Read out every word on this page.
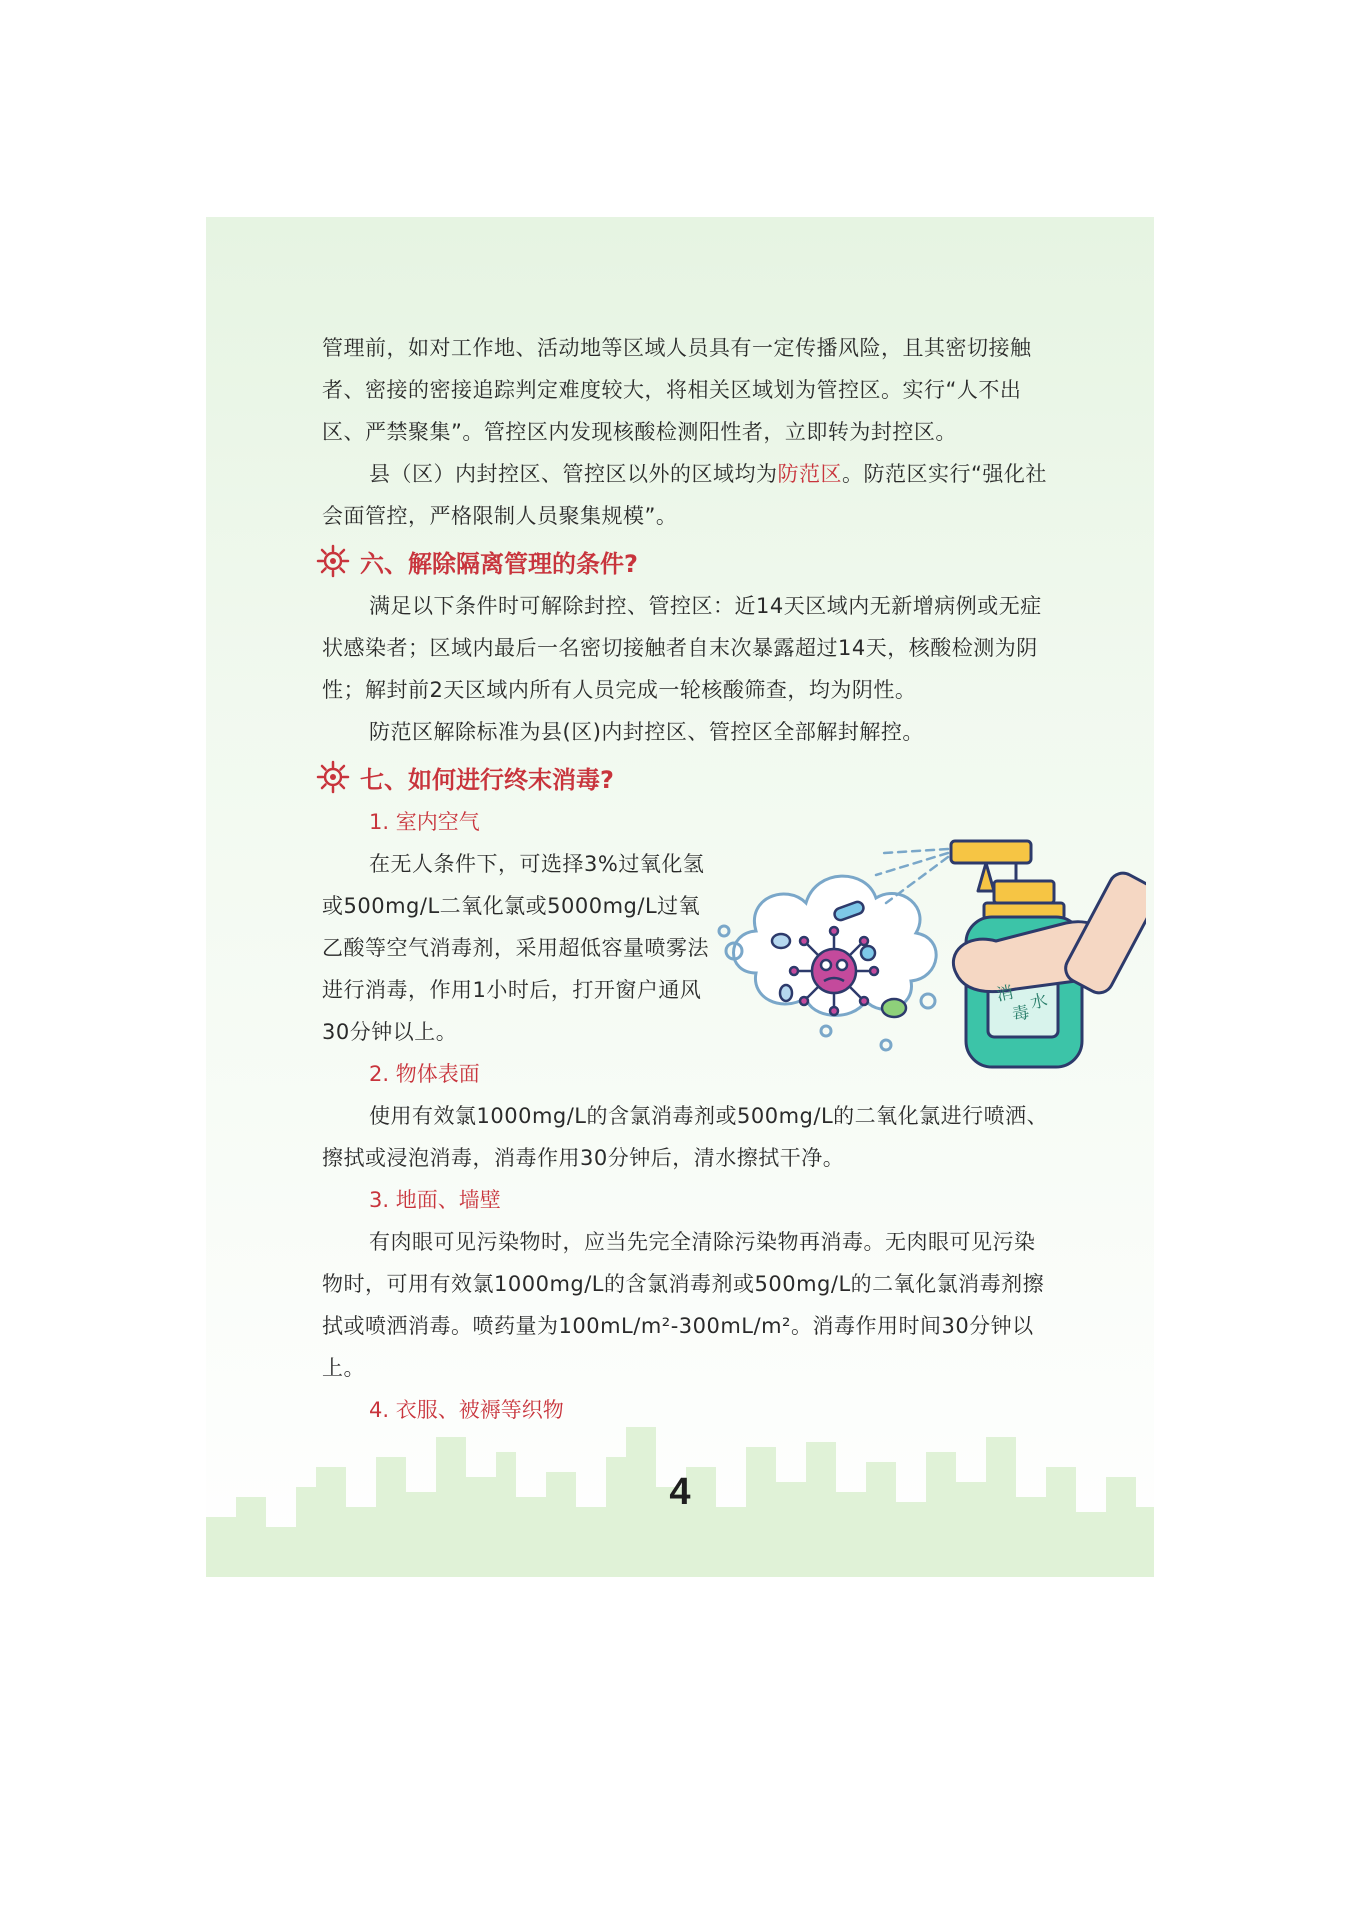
管理前，如对工作地、活动地等区域人员具有一定传播风险，且其密切接触者、密接的密接追踪判定难度较大，将相关区域划为管控区。实行“人不出区、严禁聚集”。管控区内发现核酸检测阳性者，立即转为封控区。

县（区）内封控区、管控区以外的区域均为防范区。防范区实行“强化社会面管控，严格限制人员聚集规模”。

六、解除隔离管理的条件?

满足以下条件时可解除封控、管控区：近14天区域内无新增病例或无症状感染者；区域内最后一名密切接触者自末次暴露超过14天，核酸检测为阴性；解封前2天区域内所有人员完成一轮核酸筛查，均为阴性。

防范区解除标准为县(区)内封控区、管控区全部解封解控。

七、如何进行终末消毒?

1. 室内空气

在无人条件下，可选择3%过氧化氢或500mg/L二氧化氯或5000mg/L过氧乙酸等空气消毒剂，采用超低容量喷雾法进行消毒，作用1小时后，打开窗户通风30分钟以上。

2. 物体表面

使用有效氯1000mg/L的含氯消毒剂或500mg/L的二氧化氯进行喷洒、擦拭或浸泡消毒，消毒作用30分钟后，清水擦拭干净。

3. 地面、墙壁

有肉眼可见污染物时，应当先完全清除污染物再消毒。无肉眼可见污染物时，可用有效氯1000mg/L的含氯消毒剂或500mg/L的二氧化氯消毒剂擦拭或喷洒消毒。喷药量为100mL/m²-300mL/m²。消毒作用时间30分钟以上。

4. 衣服、被褥等织物

消
毒
水
4
